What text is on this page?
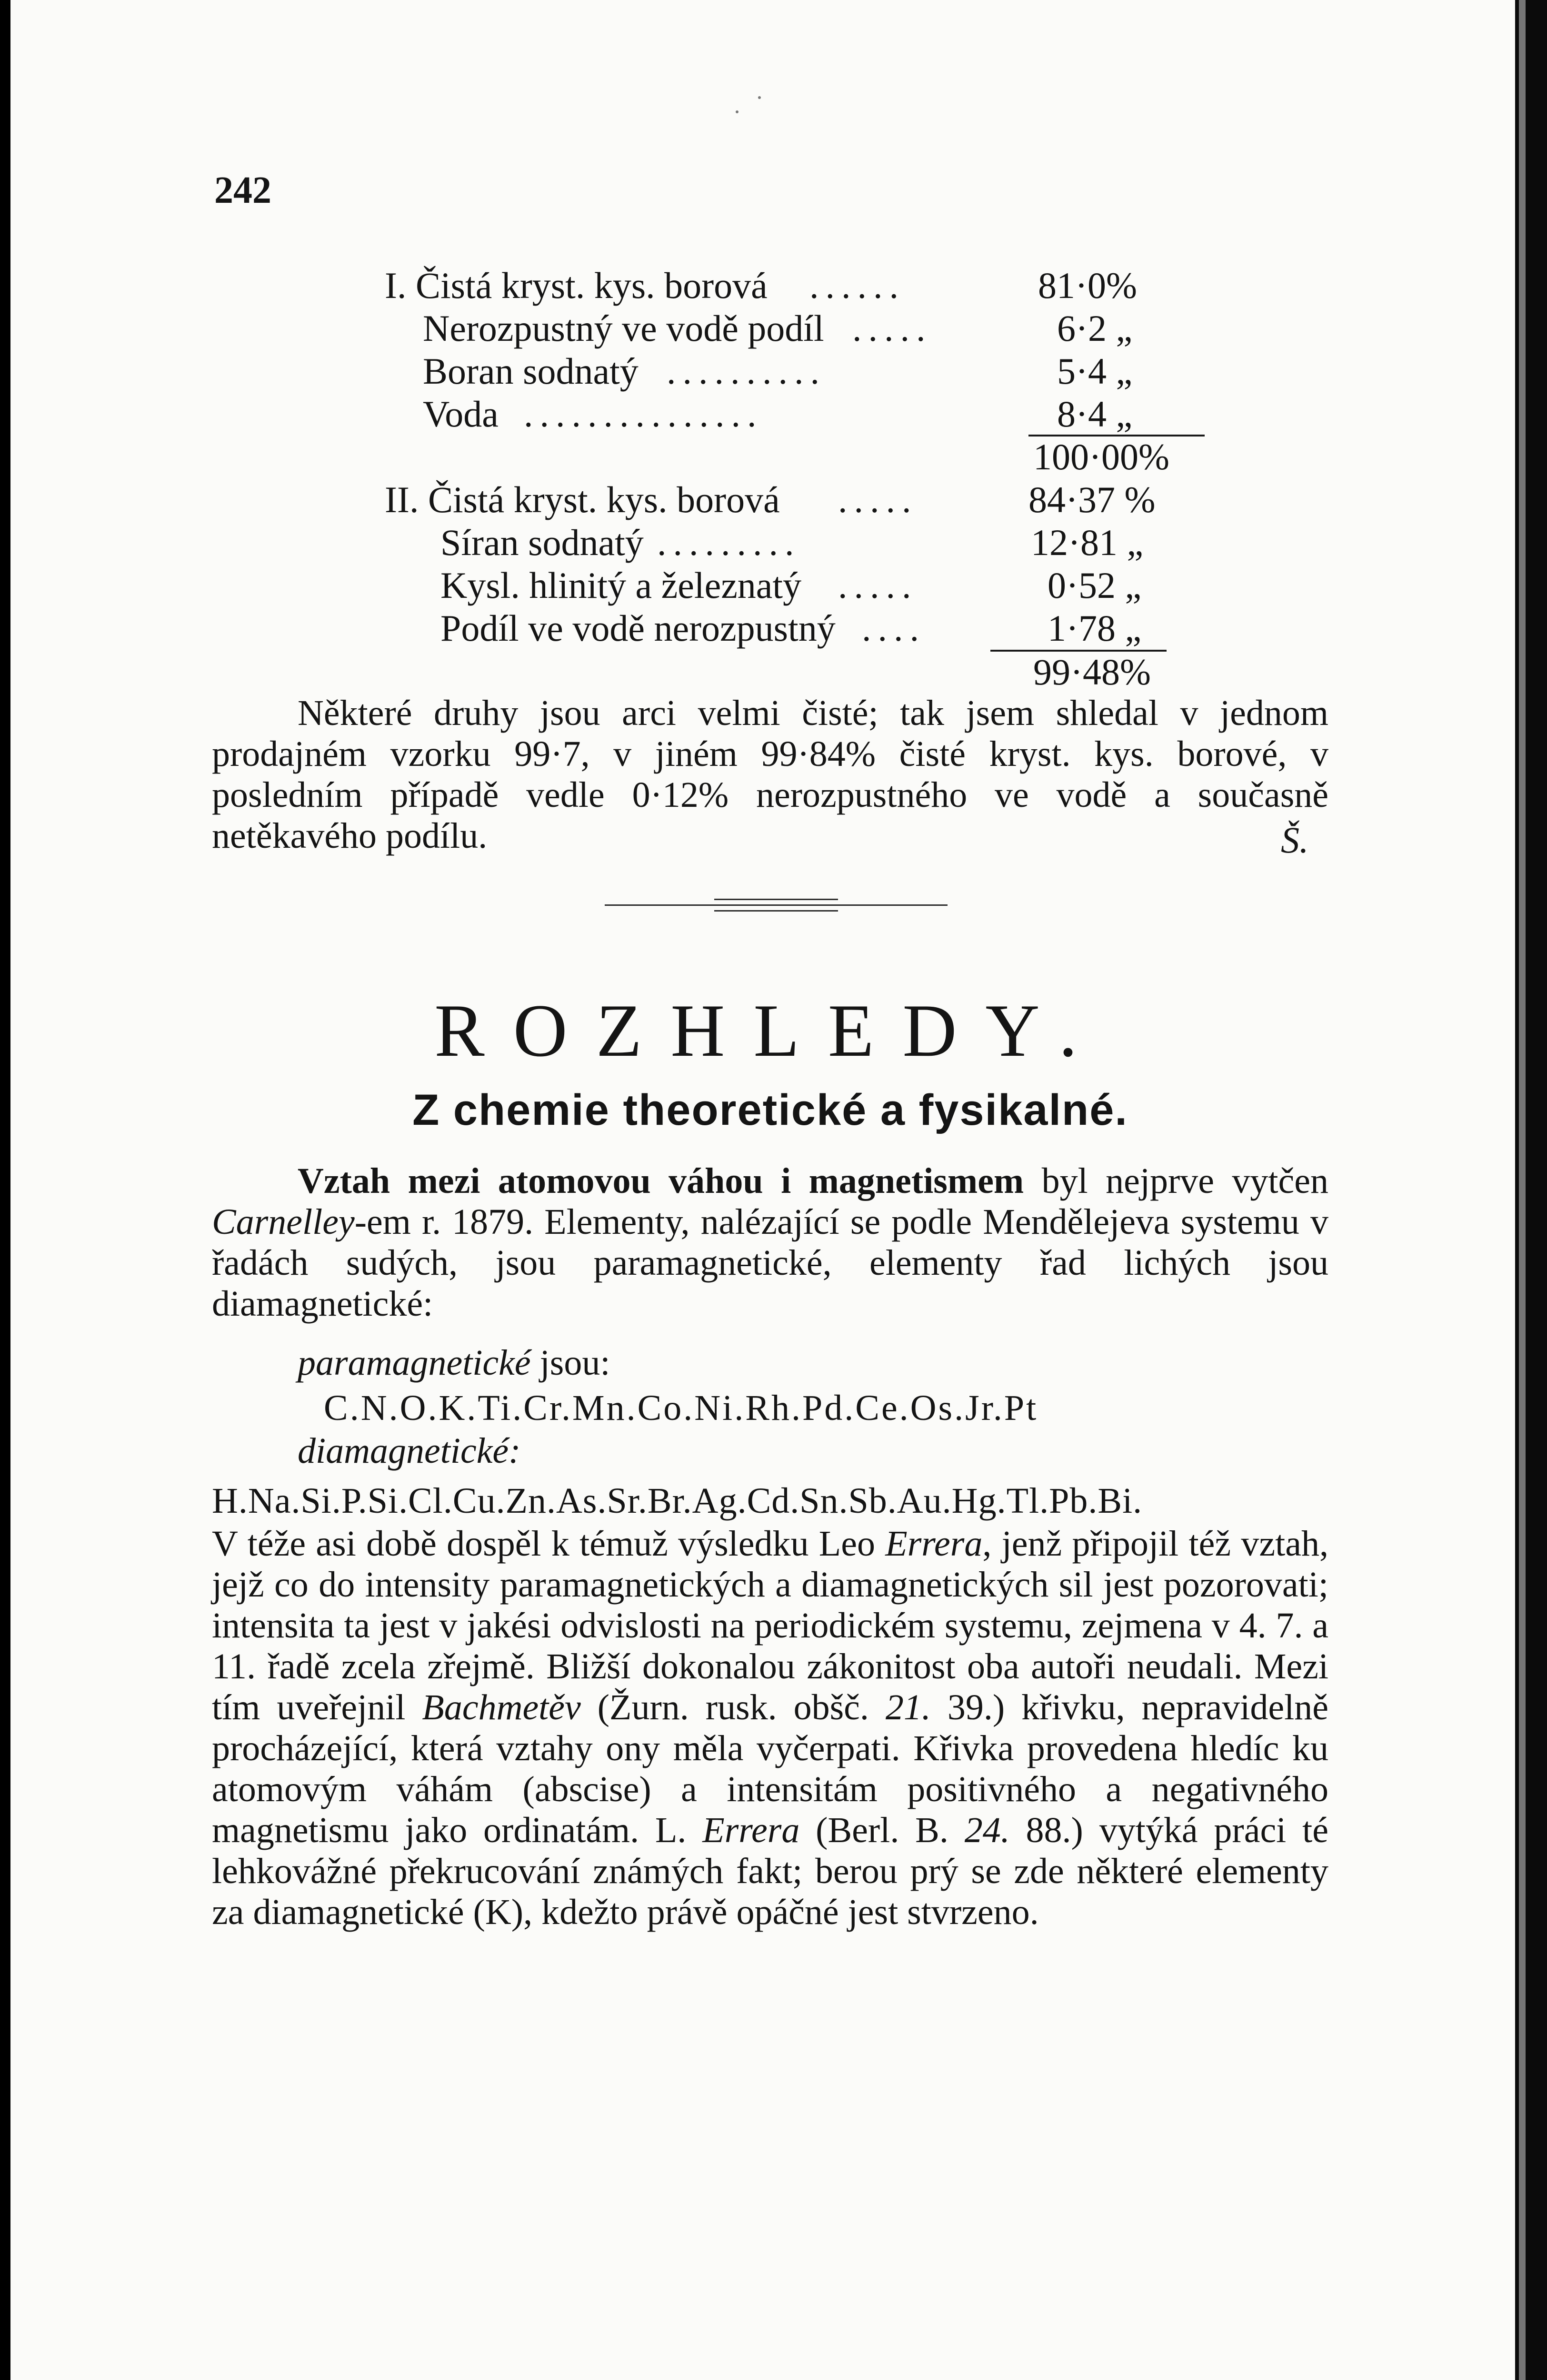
242
I. Čistá kryst. kys. borová ......	81·0%
Nerozpustný ve vodě podíl .....	6·2 „
Boran sodnatý ..........	5·4 „
Voda ...............	8·4 „
100·00%
II. Čistá kryst. kys. borová .....	84·37 %
Síran sodnatý .........	12·81 „
Kysl. hlinitý a železnatý .....	0·52 „
Podíl ve vodě nerozpustný ....	1·78 „
99·48%

Některé druhy jsou arci velmi čisté; tak jsem shledal v jednom prodajném vzorku 99·7, v jiném 99·84% čisté kryst. kys. borové, v posledním případě vedle 0·12% nerozpustného ve vodě a současně netěkavého podílu.	Š.
ROZHLEDY.
Z chemie theoretické a fysikalné.

Vztah mezi atomovou váhou i magnetismem byl nejprve vytčen Carnelley-em r. 1879. Elementy, nalézající se podle Mendělejeva systemu v řadách sudých, jsou paramagnetické, elementy řad lichých jsou diamagnetické:

paramagnetické jsou:
C.N.O.K.Ti.Cr.Mn.Co.Ni.Rh.Pd.Ce.Os.Jr.Pt
diamagnetické:
H.Na.Si.P.Si.Cl.Cu.Zn.As.Sr.Br.Ag.Cd.Sn.Sb.Au.Hg.Tl.Pb.Bi.

V téže asi době dospěl k témuž výsledku Leo Errera, jenž připojil též vztah, jejž co do intensity paramagnetických a diamagnetických sil jest pozorovati; intensita ta jest v jakési odvislosti na periodickém systemu, zejmena v 4. 7. a 11. řadě zcela zřejmě. Bližší dokonalou zákonitost oba autoři neudali. Mezi tím uveřejnil Bachmetěv (Žurn. rusk. obšč. 21. 39.) křivku, nepravidelně procházející, která vztahy ony měla vyčerpati. Křivka provedena hledíc ku atomovým váhám (abscise) a intensitám positivného a negativného magnetismu jako ordinatám. L. Errera (Berl. B. 24. 88.) vytýká práci té lehkovážné překrucování známých fakt; berou prý se zde některé elementy za diamagnetické (K), kdežto právě opáčné jest stvrzeno.
